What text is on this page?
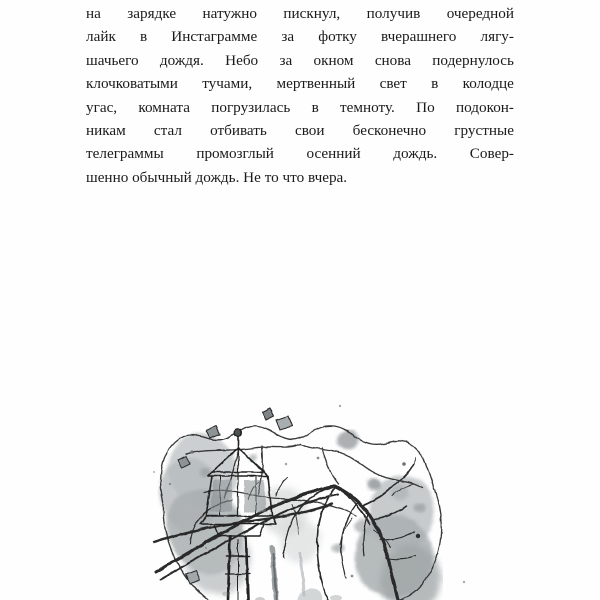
на зарядке натужно пискнул, получив очередной
лайк в Инстаграмме за фотку вчерашнего лягу-
шачьего дождя. Небо за окном снова подернулось
клочковатыми тучами, мертвенный свет в колодце
угас, комната погрузилась в темноту. По подокон-
никам стал отбивать свои бесконечно грустные
телеграммы промозглый осенний дождь. Совер-
шенно обычный дождь. Не то что вчера.
